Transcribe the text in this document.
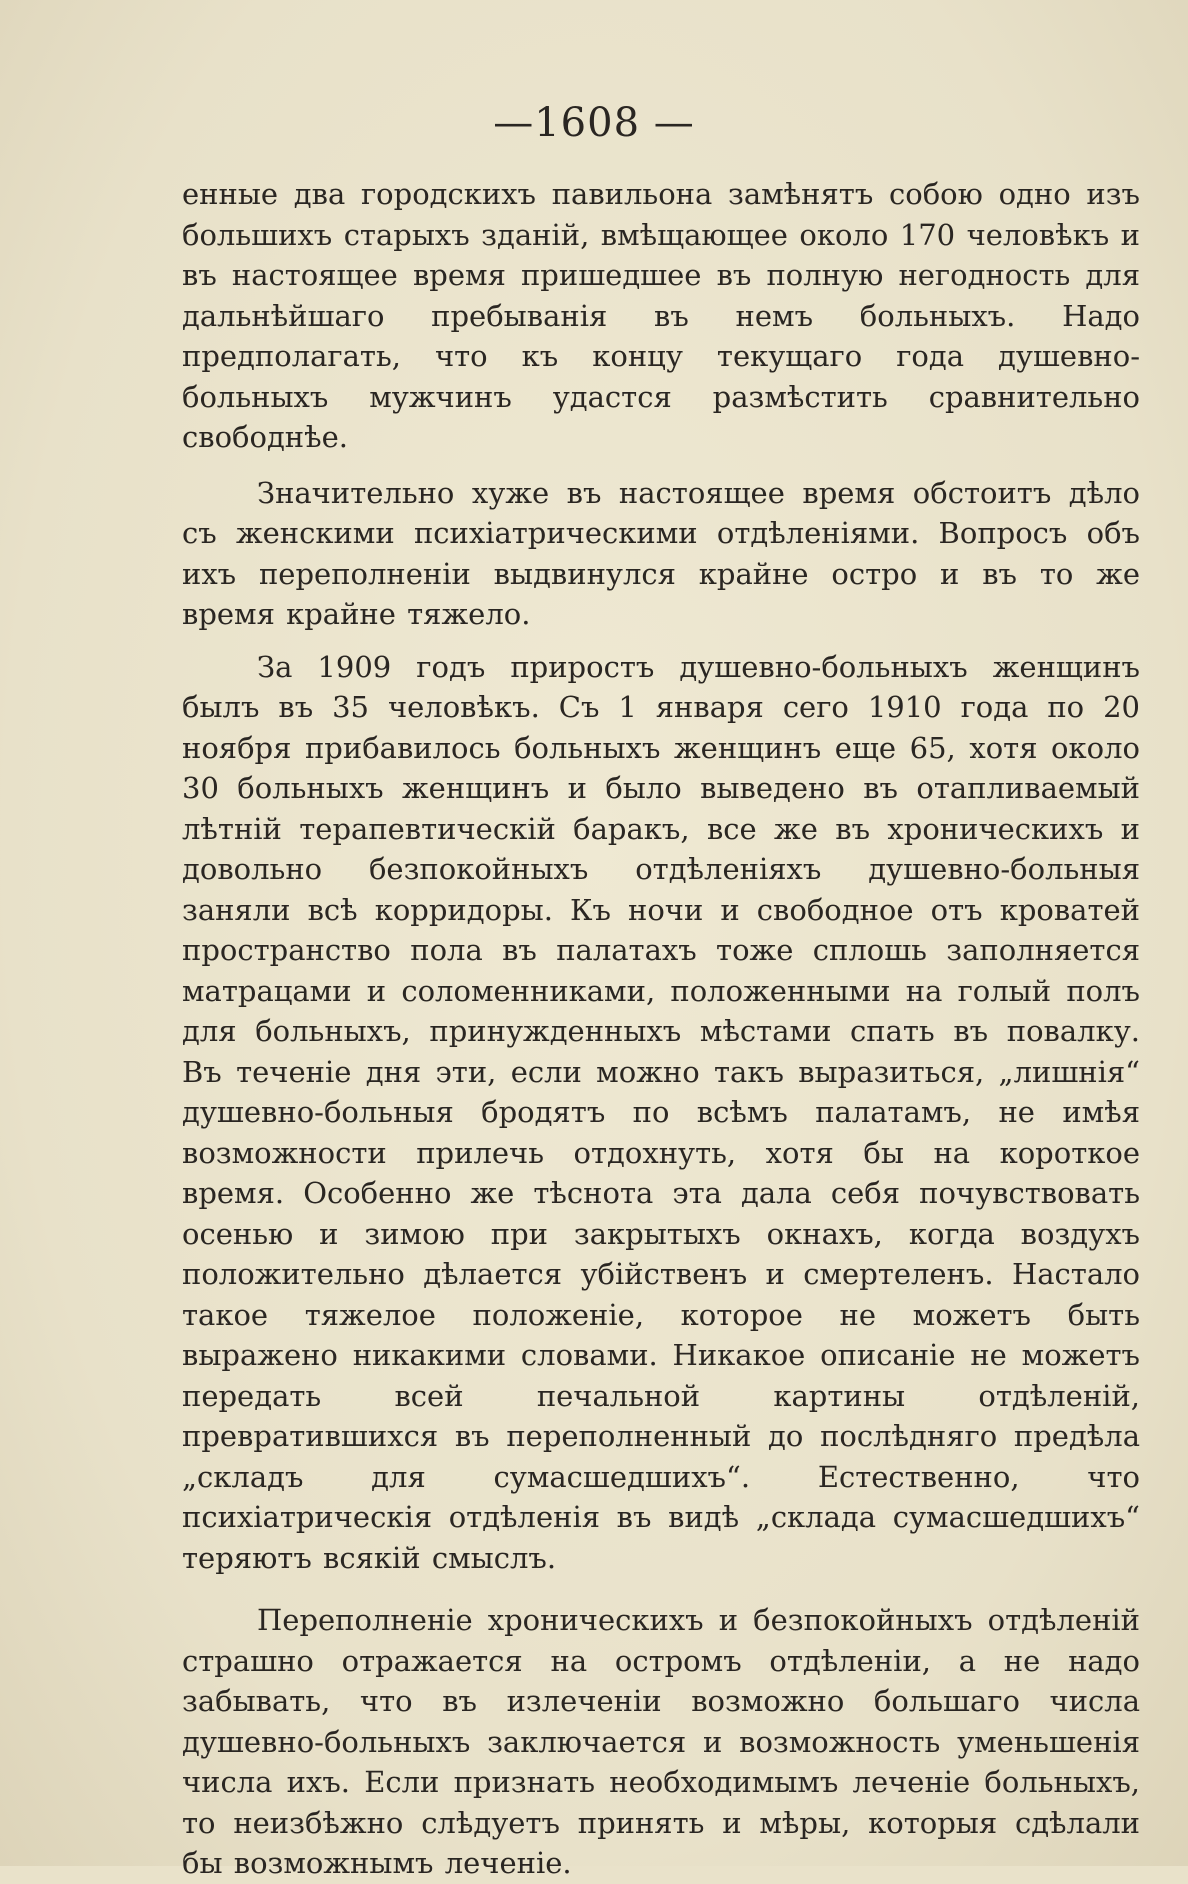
—1608 —

енные два городскихъ павильона замѣнятъ собою одно изъ большихъ старыхъ зданій, вмѣщающее около 170 человѣкъ и въ настоящее время пришедшее въ полную негодность для дальнѣйшаго пребыванія въ немъ больныхъ. Надо предполагать, что къ концу текущаго года душевно-больныхъ мужчинъ удастся размѣстить сравнительно свободнѣе.

Значительно хуже въ настоящее время обстоитъ дѣло съ женскими психіатрическими отдѣленіями. Вопросъ объ ихъ переполненіи выдвинулся крайне остро и въ то же время крайне тяжело.

За 1909 годъ приростъ душевно-больныхъ женщинъ былъ въ 35 человѣкъ. Съ 1 января сего 1910 года по 20 ноября прибавилось больныхъ женщинъ еще 65, хотя около 30 больныхъ женщинъ и было выведено въ отапливаемый лѣтній терапевтическій баракъ, все же въ хроническихъ и довольно безпокойныхъ отдѣленіяхъ душевно-больныя заняли всѣ корридоры. Къ ночи и свободное отъ кроватей пространство пола въ палатахъ тоже сплошь заполняется матрацами и соломенниками, положенными на голый полъ для больныхъ, принужденныхъ мѣстами спать въ повалку. Въ теченіе дня эти, если можно такъ выразиться, „лишнія“ душевно-больныя бродятъ по всѣмъ палатамъ, не имѣя возможности прилечь отдохнуть, хотя бы на короткое время. Особенно же тѣснота эта дала себя почувствовать осенью и зимою при закрытыхъ окнахъ, когда воздухъ положительно дѣлается убійственъ и смертеленъ. Настало такое тяжелое положеніе, которое не можетъ быть выражено никакими словами. Никакое описаніе не можетъ передать всей печальной картины отдѣленій, превратившихся въ переполненный до послѣдняго предѣла „складъ для сумасшедшихъ“. Естественно, что психіатрическія отдѣленія въ видѣ „склада сумасшедшихъ“ теряютъ всякій смыслъ.

Переполненіе хроническихъ и безпокойныхъ отдѣленій страшно отражается на остромъ отдѣленіи, а не надо забывать, что въ излеченіи возможно большаго числа душевно-больныхъ заключается и возможность уменьшенія числа ихъ. Если признать необходимымъ леченіе больныхъ, то неизбѣжно слѣдуетъ принять и мѣры, которыя сдѣлали бы возможнымъ леченіе.
